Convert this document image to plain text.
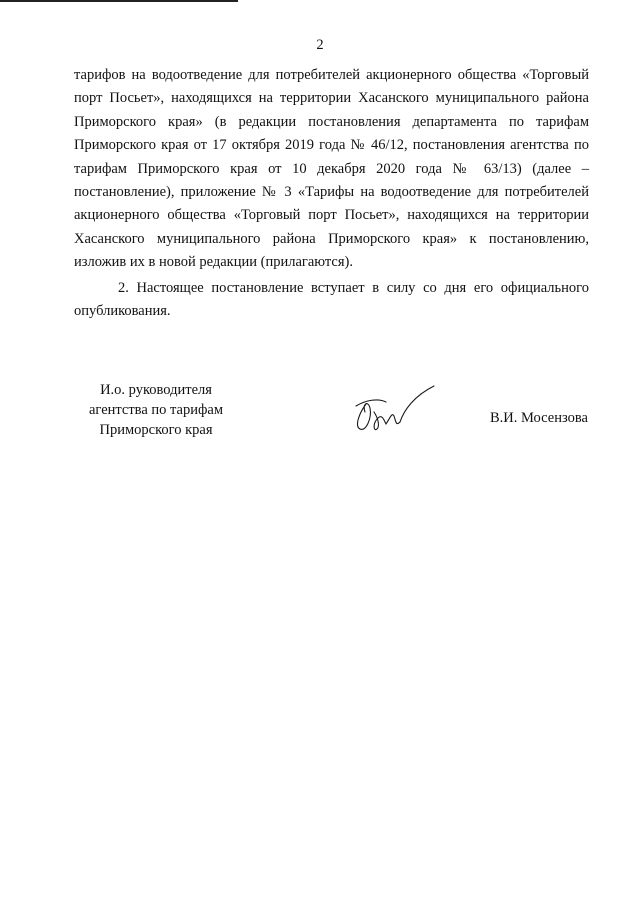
2

тарифов на водоотведение для потребителей акционерного общества «Торговый порт Посьет», находящихся на территории Хасанского муниципального района Приморского края» (в редакции постановления департамента по тарифам Приморского края от 17 октября 2019 года № 46/12, постановления агентства по тарифам Приморского края от 10 декабря 2020 года № 63/13) (далее – постановление), приложение № 3 «Тарифы на водоотведение для потребителей акционерного общества «Торговый порт Посьет», находящихся на территории Хасанского муниципального района Приморского края» к постановлению, изложив их в новой редакции (прилагаются).

2. Настоящее постановление вступает в силу со дня его официального опубликования.

И.о. руководителя
агентства по тарифам
Приморского края
В.И. Мосензова
